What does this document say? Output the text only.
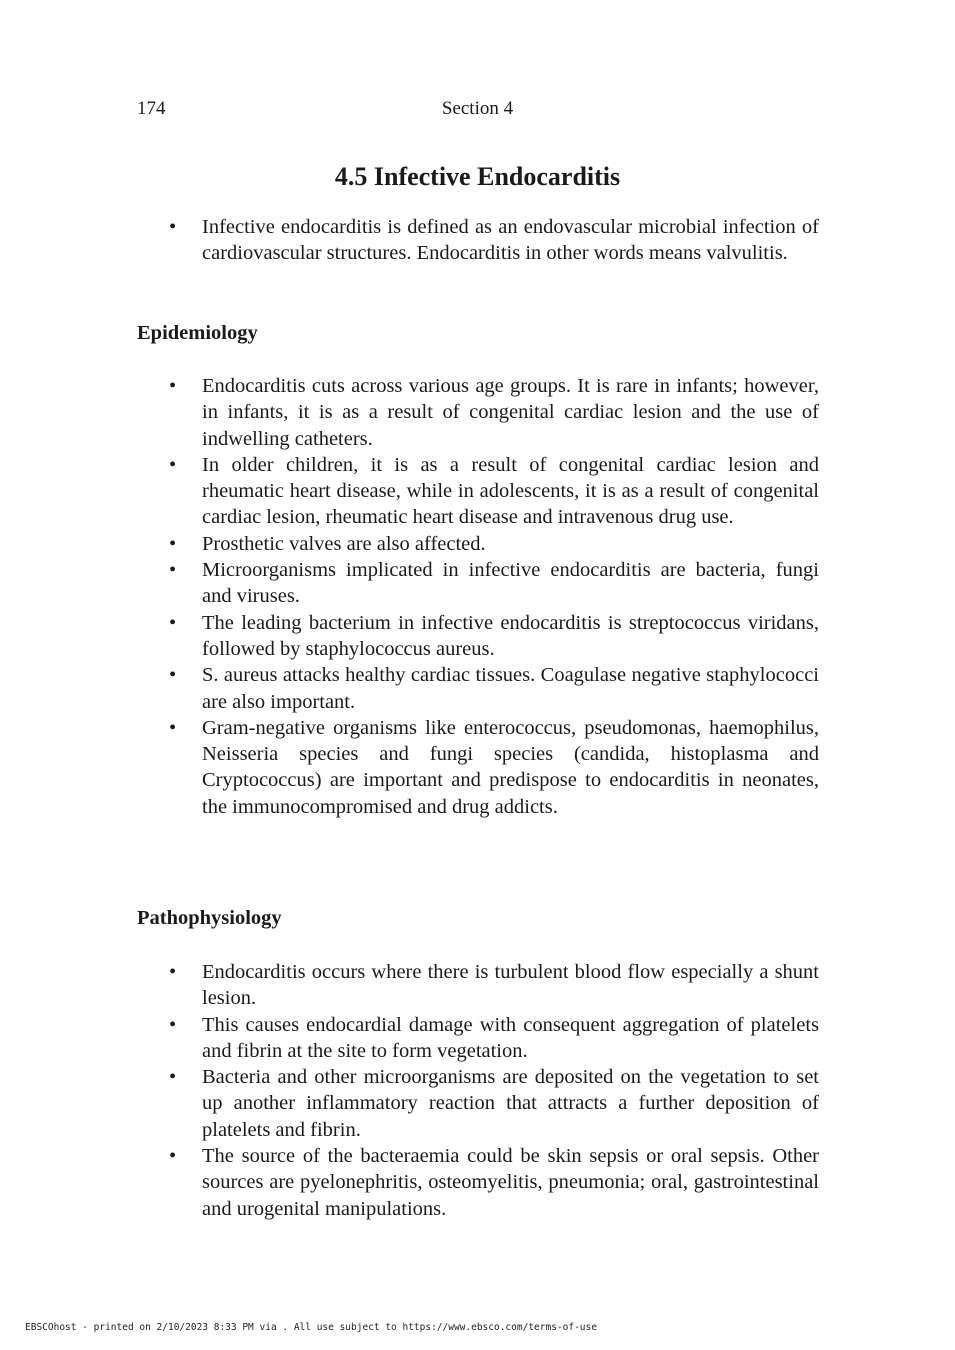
174	Section 4
4.5 Infective Endocarditis
• Infective endocarditis is defined as an endovascular microbial infection of cardiovascular structures. Endocarditis in other words means valvulitis.
Epidemiology
• Endocarditis cuts across various age groups. It is rare in infants; however, in infants, it is as a result of congenital cardiac lesion and the use of indwelling catheters.
• In older children, it is as a result of congenital cardiac lesion and rheumatic heart disease, while in adolescents, it is as a result of congenital cardiac lesion, rheumatic heart disease and intravenous drug use.
• Prosthetic valves are also affected.
• Microorganisms implicated in infective endocarditis are bacteria, fungi and viruses.
• The leading bacterium in infective endocarditis is streptococcus viridans, followed by staphylococcus aureus.
• S. aureus attacks healthy cardiac tissues. Coagulase negative staphylococci are also important.
• Gram-negative organisms like enterococcus, pseudomonas, haemophilus, Neisseria species and fungi species (candida, histoplasma and Cryptococcus) are important and predispose to endocarditis in neonates, the immunocompromised and drug addicts.
Pathophysiology
• Endocarditis occurs where there is turbulent blood flow especially a shunt lesion.
• This causes endocardial damage with consequent aggregation of platelets and fibrin at the site to form vegetation.
• Bacteria and other microorganisms are deposited on the vegetation to set up another inflammatory reaction that attracts a further deposition of platelets and fibrin.
• The source of the bacteraemia could be skin sepsis or oral sepsis. Other sources are pyelonephritis, osteomyelitis, pneumonia; oral, gastrointestinal and urogenital manipulations.
EBSCOhost - printed on 2/10/2023 8:33 PM via . All use subject to https://www.ebsco.com/terms-of-use
